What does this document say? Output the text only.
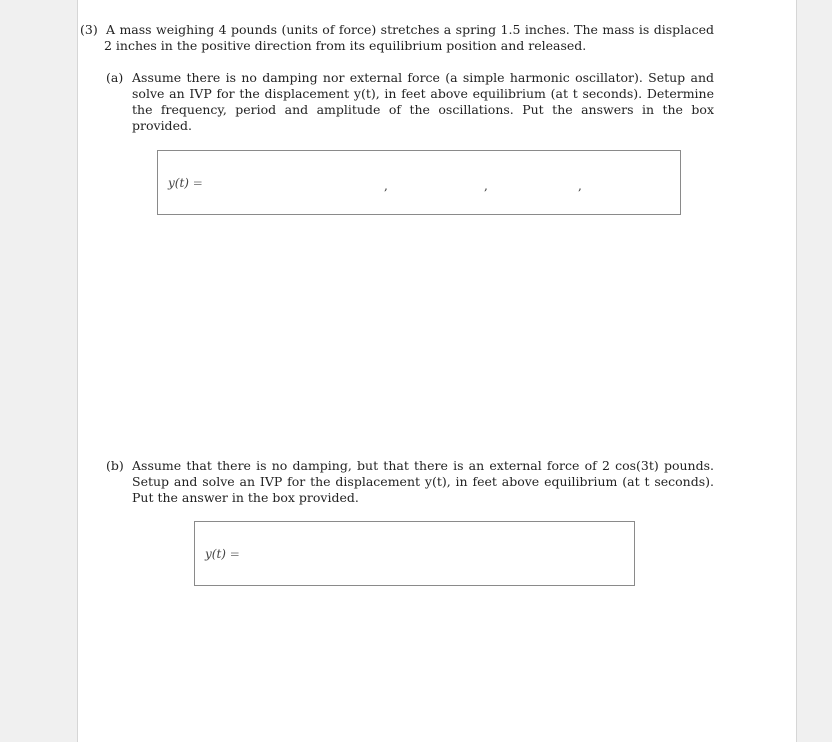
(3) A mass weighing 4 pounds (units of force) stretches a spring 1.5 inches. The mass is displaced 2 inches in the positive direction from its equilibrium position and released.
(a) Assume there is no damping nor external force (a simple harmonic oscillator). Setup and solve an IVP for the displacement y(t), in feet above equilibrium (at t seconds). Determine the frequency, period and amplitude of the oscillations. Put the answers in the box provided.
y(t) =	,	,	,
(b) Assume that there is no damping, but that there is an external force of 2 cos(3t) pounds. Setup and solve an IVP for the displacement y(t), in feet above equilibrium (at t seconds). Put the answer in the box provided.
y(t) =
